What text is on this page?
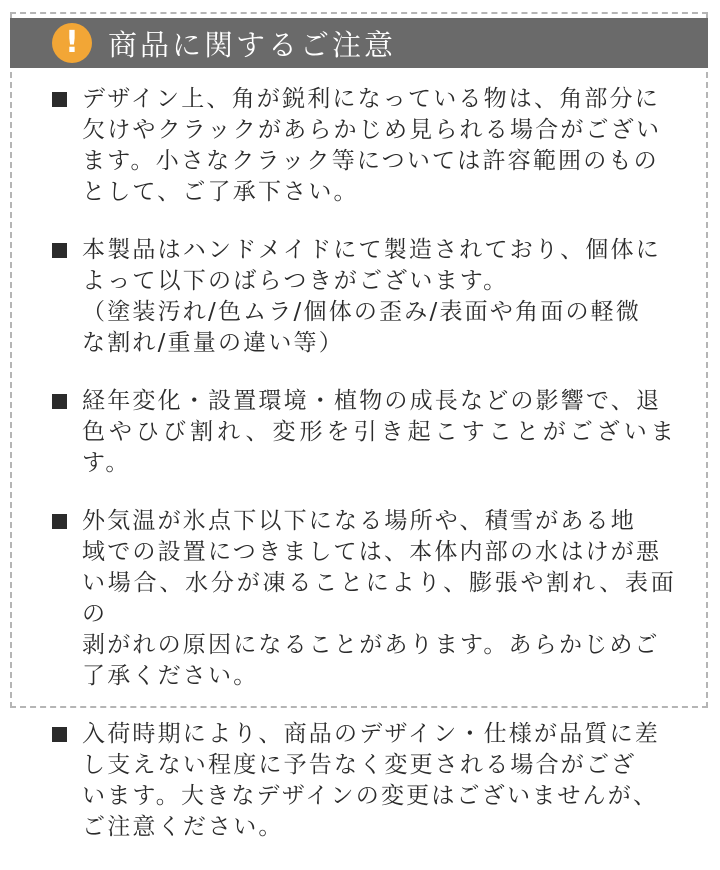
!	商品に関するご注意
デザイン上、角が鋭利になっている物は、角部分に
欠けやクラックがあらかじめ見られる場合がござい
ます。小さなクラック等については許容範囲のもの
として、ご了承下さい。
本製品はハンドメイドにて製造されており、個体に
よって以下のばらつきがございます。
（塗装汚れ/色ムラ/個体の歪み/表面や角面の軽微
な割れ/重量の違い等）
経年変化・設置環境・植物の成長などの影響で、退
色やひび割れ、変形を引き起こすことがございます。
外気温が氷点下以下になる場所や、積雪がある地
域での設置につきましては、本体内部の水はけが悪
い場合、水分が凍ることにより、膨張や割れ、表面の
剥がれの原因になることがあります。あらかじめご
了承ください。
入荷時期により、商品のデザイン・仕様が品質に差
し支えない程度に予告なく変更される場合がござ
います。大きなデザインの変更はございませんが、
ご注意ください。
